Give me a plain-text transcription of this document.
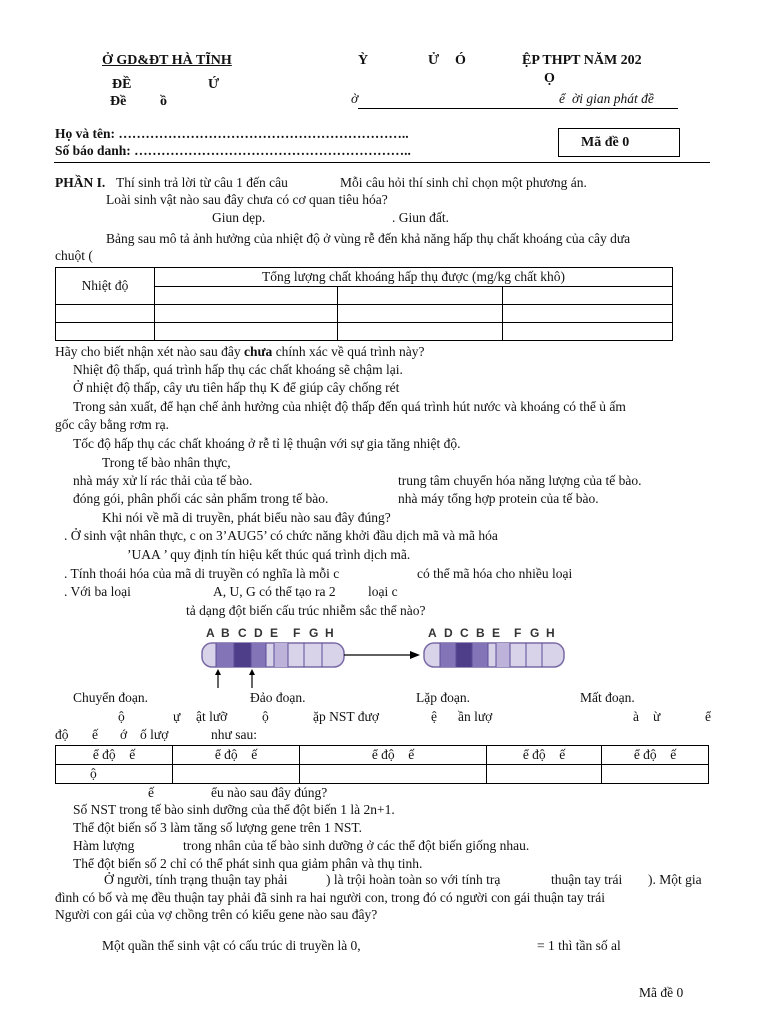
Ở GD&ĐT HÀ TĨNH	Ỳ	Ử Ó	ỆP THPT NĂM 202
Ọ
ĐỀ	Ứ
Đề ồ	ờ	ể ời gian phát đề
Họ và tên: ………………………………………………………..
Số báo danh: ……………………………………………………..
Mã đề 0
PHẦN I. Thí sinh trả lời từ câu 1 đến câu	Mỗi câu hỏi thí sinh chỉ chọn một phương án.
Loài sinh vật nào sau đây chưa có cơ quan tiêu hóa?
Giun dẹp.	. Giun đất.
Bảng sau mô tả ảnh hưởng của nhiệt độ ở vùng rễ đến khả năng hấp thụ chất khoáng của cây dưa
chuột (
Nhiệt độ	Tổng lượng chất khoáng hấp thụ được (mg/kg chất khô)		

Hãy cho biết nhận xét nào sau đây chưa chính xác về quá trình này?
Nhiệt độ thấp, quá trình hấp thụ các chất khoáng sẽ chậm lại.
Ở nhiệt độ thấp, cây ưu tiên hấp thụ K để giúp cây chống rét
Trong sản xuất, để hạn chế ảnh hưởng của nhiệt độ thấp đến quá trình hút nước và khoáng có thể ủ ấm
gốc cây bằng rơm rạ.
Tốc độ hấp thụ các chất khoáng ở rễ tỉ lệ thuận với sự gia tăng nhiệt độ.
Trong tế bào nhân thực,
nhà máy xử lí rác thải của tế bào.	trung tâm chuyển hóa năng lượng của tế bào.
đóng gói, phân phối các sản phẩm trong tế bào.	nhà máy tổng hợp protein của tế bào.
Khi nói về mã di truyền, phát biểu nào sau đây đúng?
. Ở sinh vật nhân thực, c on 3’AUG5’ có chức năng khởi đầu dịch mã và mã hóa
’UAA ’ quy định tín hiệu kết thúc quá trình dịch mã.
. Tính thoái hóa của mã di truyền có nghĩa là mỗi c	có thể mã hóa cho nhiều loại
. Với ba loại	A, U, G có thể tạo ra 2 loại c
tả dạng đột biến cấu trúc nhiễm sắc thể nào?
A B C D E F G H	A D C B E F G H
Chuyển đoạn.	Đảo đoạn.	Lặp đoạn.	Mất đoạn.
ộ	ự ật lưỡ	ộ	ặp NST đượ	ệ ần lượ	à ừ	ể
độ ế ớ ố lượ	như sau:
ể độ ế	ể độ ế	ể độ ế	ể độ ế	ể độ ế
ộ				
ế	ểu nào sau đây đúng?
Số NST trong tế bào sinh dưỡng của thể đột biến 1 là 2n+1.
Thể đột biến số 3 làm tăng số lượng gene trên 1 NST.
Hàm lượng	trong nhân của tế bào sinh dưỡng ở các thể đột biến giống nhau.
Thể đột biến số 2 chỉ có thể phát sinh qua giảm phân và thụ tinh.
Ở người, tính trạng thuận tay phải	) là trội hoàn toàn so với tính trạ	thuận tay trái ). Một gia
đình có bố và mẹ đều thuận tay phải đã sinh ra hai người con, trong đó có người con gái thuận tay trái
Người con gái của vợ chồng trên có kiểu gene nào sau đây?
Một quần thể sinh vật có cấu trúc di truyền là 0,	= 1 thì tần số al
Mã đề 0
